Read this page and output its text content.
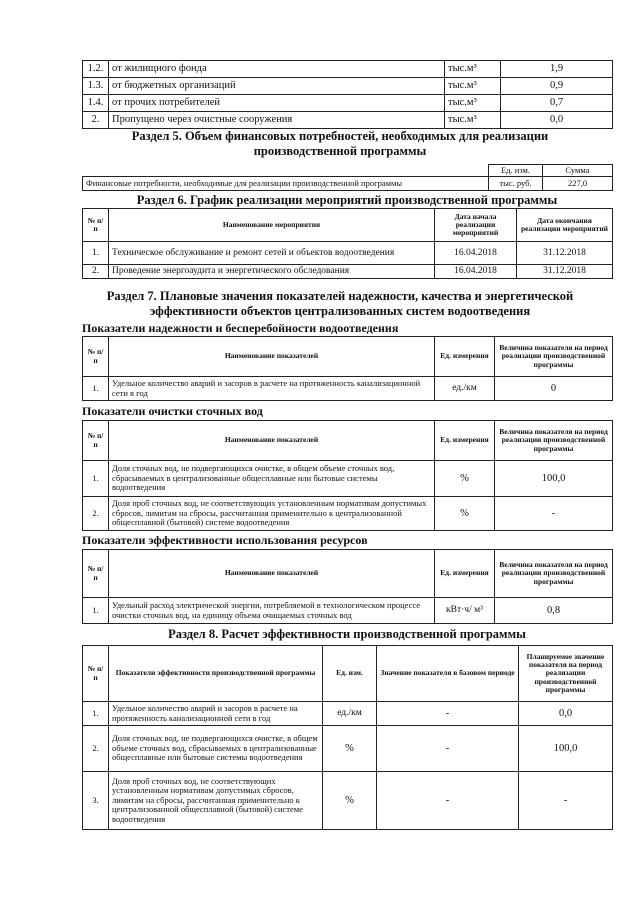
1.2.	от жилищного фонда	тыс.м³	1,9
1.3.	от бюджетных организаций	тыс.м³	0,9
1.4.	от прочих потребителей	тыс.м³	0,7
2.	Пропущено через очистные сооружения	тыс.м³	0,0
Раздел 5. Объем финансовых потребностей, необходимых для реализации
производственной программы
	Ед. изм.	Сумма
Финансовые потребности, необходимые для реализации производственной программы	тыс. руб.	227,0
Раздел 6. График реализации мероприятий производственной программы
№ п/п	Наименование мероприятия	Дата начала реализации мероприятий	Дата окончания реализации мероприятий
1.	Техническое обслуживание и ремонт сетей и объектов водоотведения	16.04.2018	31.12.2018
2.	Проведение энергоаудита и энергетического обследования	16.04.2018	31.12.2018
Раздел 7. Плановые значения показателей надежности, качества и энергетической
эффективности объектов централизованных систем водоотведения
Показатели надежности и бесперебойности водоотведения
№ п/п	Наименование показателей	Ед. измерения	Величина показателя на период реализации производственной программы
1.	Удельное количество аварий и засоров в расчете на протяженность канализационной сети в год	ед./км	0
Показатели очистки сточных вод
№ п/п	Наименование показателей	Ед. измерения	Величина показателя на период реализации производственной программы
1.	Доля сточных вод, не подвергающихся очистке, в общем объеме сточных вод, сбрасываемых в централизованные общесплавные или бытовые системы водоотведения	%	100,0
2.	Доля проб сточных вод, не соответствующих установленным нормативам допустимых сбросов, лимитам на сбросы, рассчитанная применительно к централизованной общесплавной (бытовой) системе водоотведения	%	-
Показатели эффективности использования ресурсов
№ п/п	Наименование показателей	Ед. измерения	Величина показателя на период реализации производственной программы
1.	Удельный расход электрической энергии, потребляемой в технологическом процессе очистки сточных вод, на единицу объема очищаемых сточных вод	кВт·ч/ м³	0,8
Раздел 8. Расчет эффективности производственной программы
№ п/п	Показатели эффективности производственной программы	Ед. изм.	Значение показателя в базовом периоде	Планируемое значение показателя на период реализации производственной программы
1.	Удельное количество аварий и засоров в расчете на протяженность канализационной сети в год	ед./км	-	0,0
2.	Доля сточных вод, не подвергающихся очистке, в общем объеме сточных вод, сбрасываемых в централизованные общесплавные или бытовые системы водоотведения	%	-	100,0
3.	Доля проб сточных вод, не соответствующих установленным нормативам допустимых сбросов, лимитам на сбросы, рассчитанная применительно к централизованной общесплавной (бытовой) системе водоотведения	%	-	-
